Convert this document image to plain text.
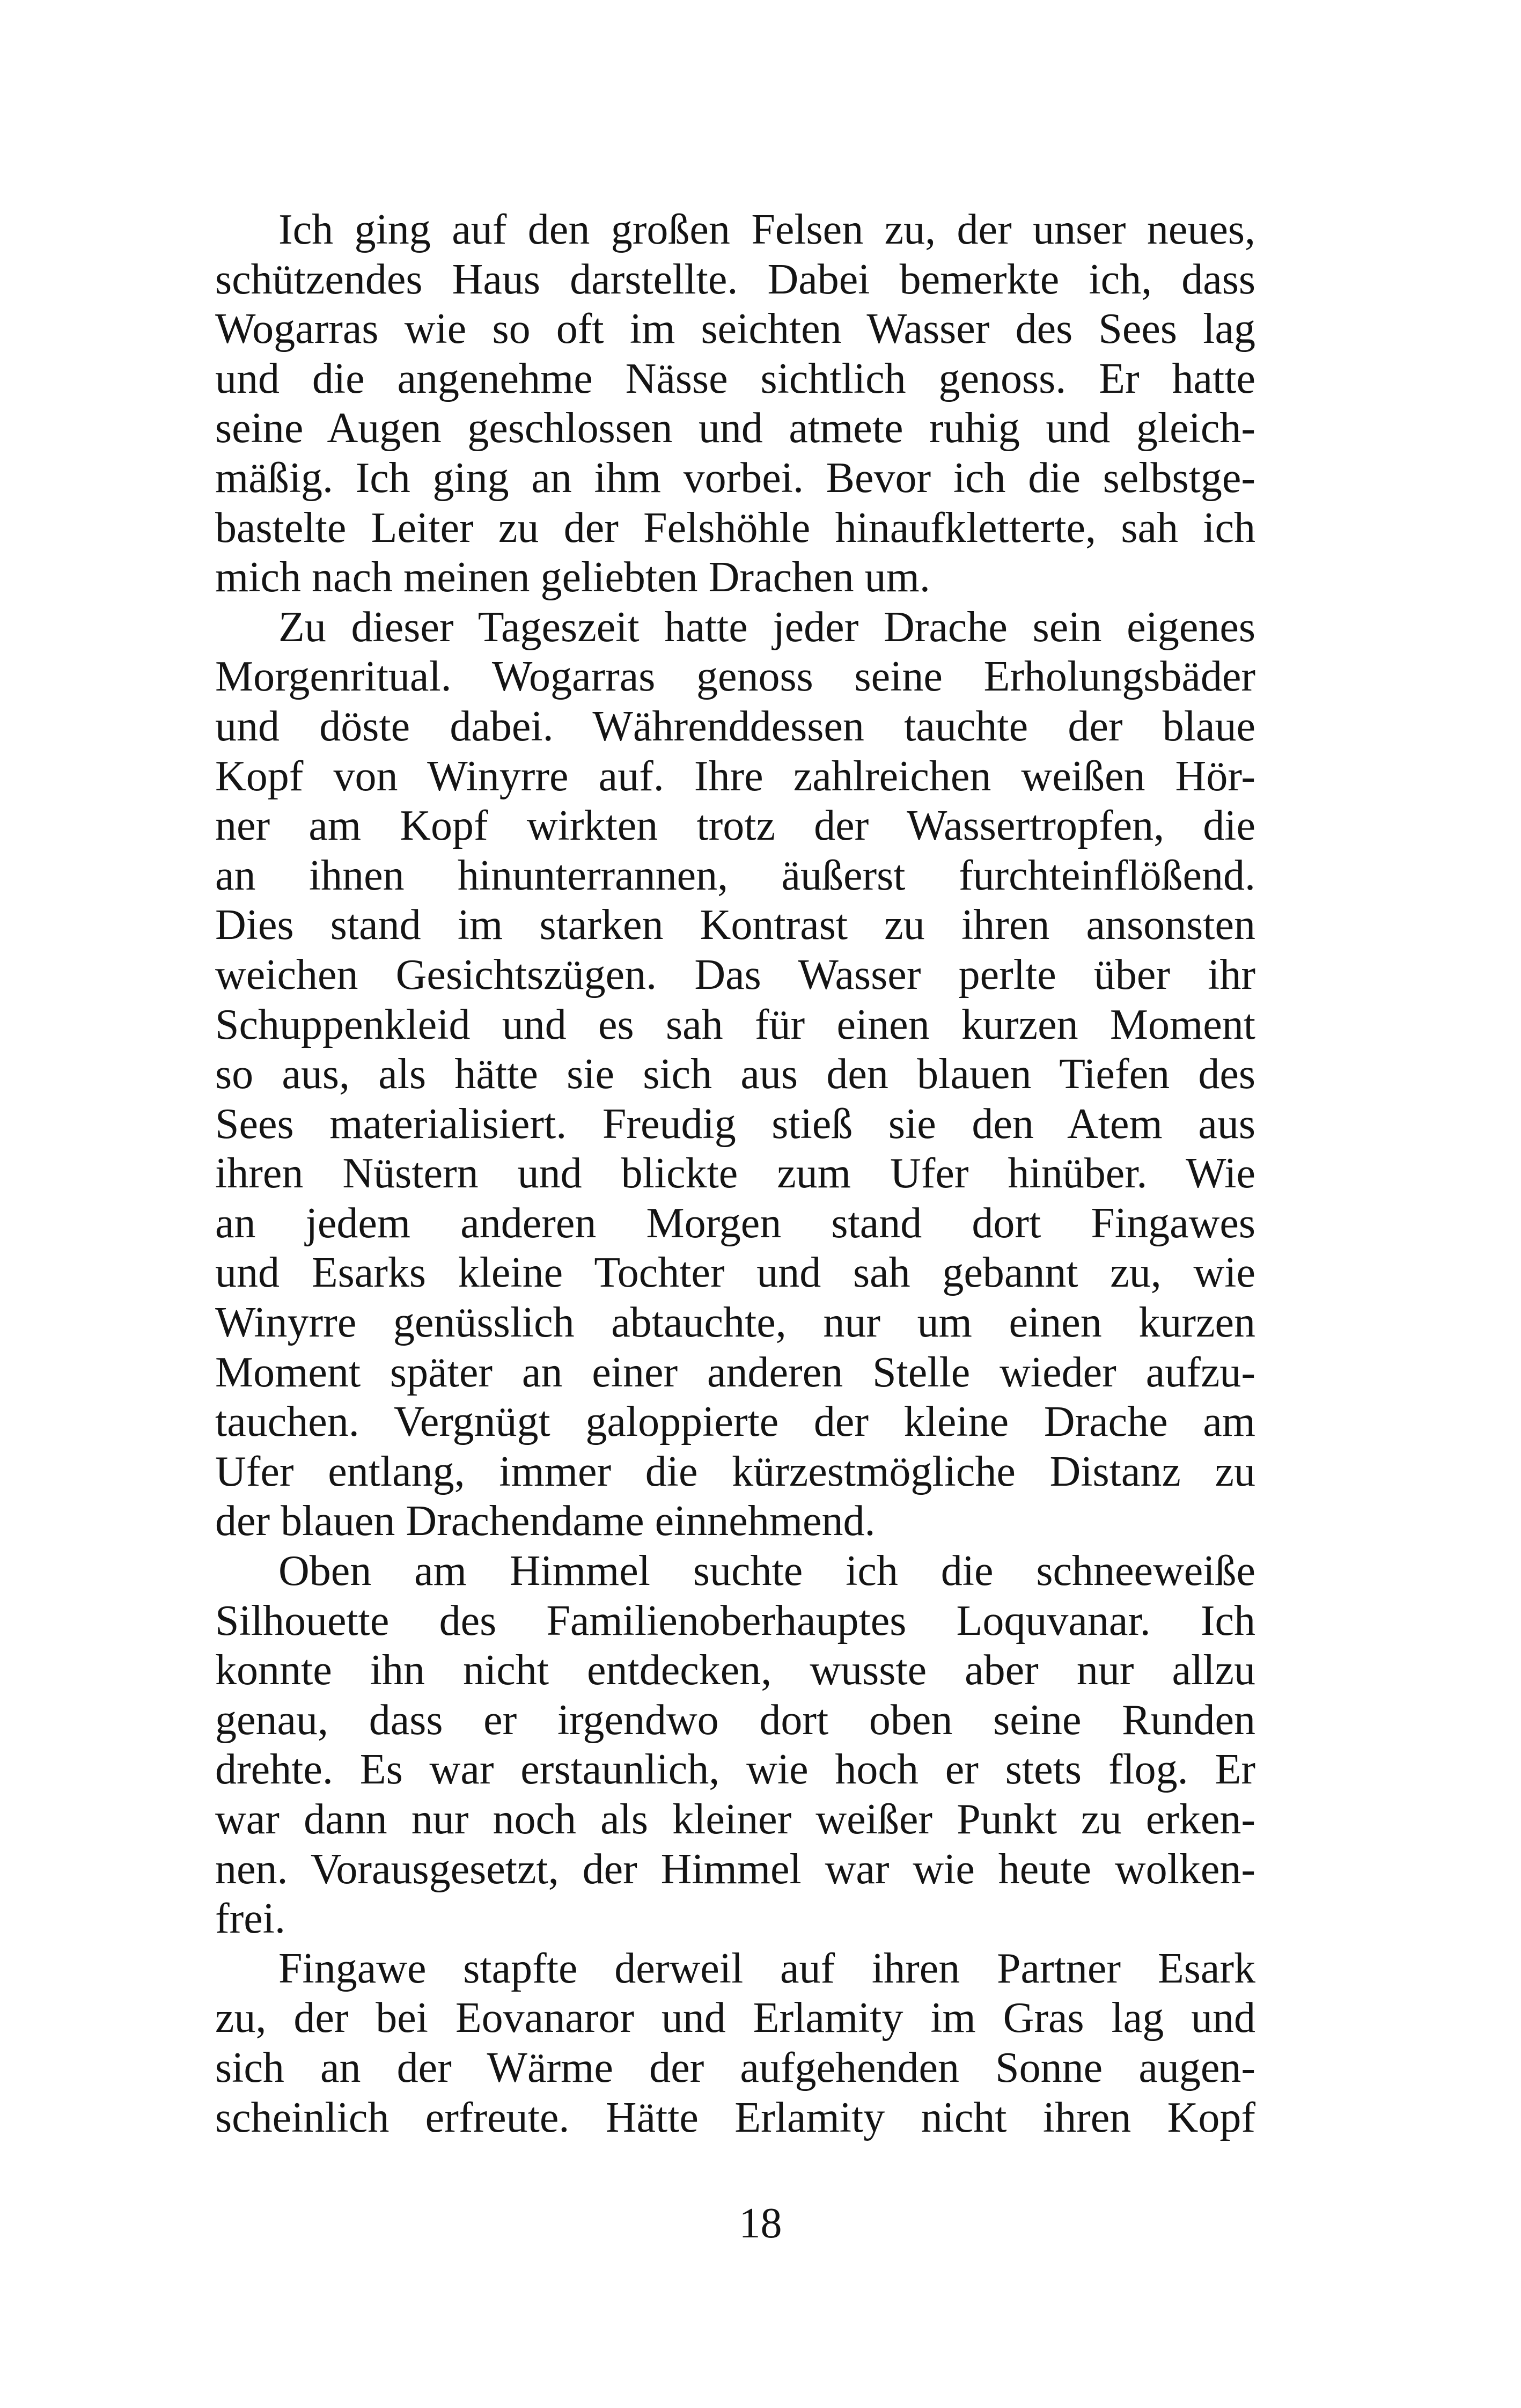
Ich ging auf den großen Felsen zu, der unser neues,
schützendes Haus darstellte. Dabei bemerkte ich, dass
Wogarras wie so oft im seichten Wasser des Sees lag
und die angenehme Nässe sichtlich genoss. Er hatte
seine Augen geschlossen und atmete ruhig und gleich-
mäßig. Ich ging an ihm vorbei. Bevor ich die selbstge-
bastelte Leiter zu der Felshöhle hinaufkletterte, sah ich
mich nach meinen geliebten Drachen um.
Zu dieser Tageszeit hatte jeder Drache sein eigenes
Morgenritual. Wogarras genoss seine Erholungsbäder
und döste dabei. Währenddessen tauchte der blaue
Kopf von Winyrre auf. Ihre zahlreichen weißen Hör-
ner am Kopf wirkten trotz der Wassertropfen, die
an ihnen hinunterrannen, äußerst furchteinflößend.
Dies stand im starken Kontrast zu ihren ansonsten
weichen Gesichtszügen. Das Wasser perlte über ihr
Schuppenkleid und es sah für einen kurzen Moment
so aus, als hätte sie sich aus den blauen Tiefen des
Sees materialisiert. Freudig stieß sie den Atem aus
ihren Nüstern und blickte zum Ufer hinüber. Wie
an jedem anderen Morgen stand dort Fingawes
und Esarks kleine Tochter und sah gebannt zu, wie
Winyrre genüsslich abtauchte, nur um einen kurzen
Moment später an einer anderen Stelle wieder aufzu-
tauchen. Vergnügt galoppierte der kleine Drache am
Ufer entlang, immer die kürzestmögliche Distanz zu
der blauen Drachendame einnehmend.
Oben am Himmel suchte ich die schneeweiße
Silhouette des Familienoberhauptes Loquvanar. Ich
konnte ihn nicht entdecken, wusste aber nur allzu
genau, dass er irgendwo dort oben seine Runden
drehte. Es war erstaunlich, wie hoch er stets flog. Er
war dann nur noch als kleiner weißer Punkt zu erken-
nen. Vorausgesetzt, der Himmel war wie heute wolken-
frei.
Fingawe stapfte derweil auf ihren Partner Esark
zu, der bei Eovanaror und Erlamity im Gras lag und
sich an der Wärme der aufgehenden Sonne augen-
scheinlich erfreute. Hätte Erlamity nicht ihren Kopf
18
